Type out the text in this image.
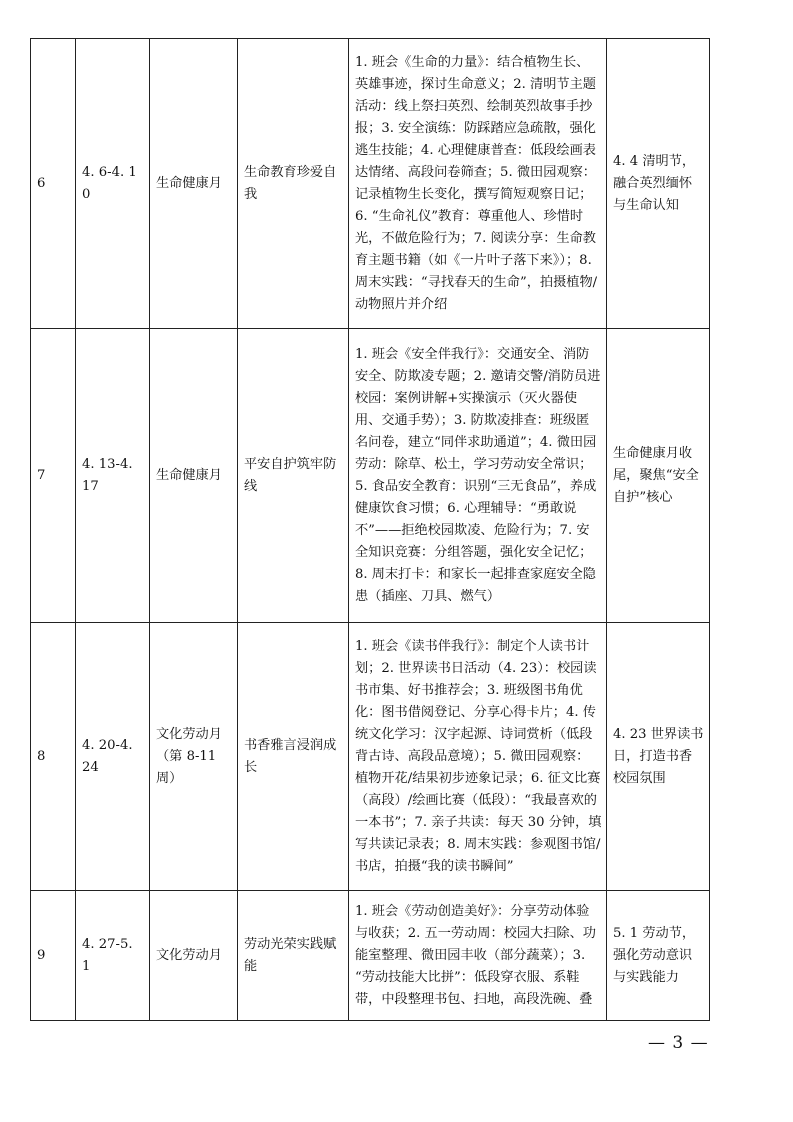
6	4. 6-4. 10	生命健康月	生命教育珍爱自我	1. 班会《生命的力量》：结合植物生长、英雄事迹，探讨生命意义；2. 清明节主题活动：线上祭扫英烈、绘制英烈故事手抄报；3. 安全演练：防踩踏应急疏散，强化逃生技能；4. 心理健康普查：低段绘画表达情绪、高段问卷筛查；5. 微田园观察：记录植物生长变化，撰写简短观察日记；6. “生命礼仪”教育：尊重他人、珍惜时光，不做危险行为；7. 阅读分享：生命教育主题书籍（如《一片叶子落下来》）；8. 周末实践：“寻找春天的生命”，拍摄植物/动物照片并介绍	4. 4 清明节，融合英烈缅怀与生命认知
7	4. 13-4. 17	生命健康月	平安自护筑牢防线	1. 班会《安全伴我行》：交通安全、消防安全、防欺凌专题；2. 邀请交警/消防员进校园：案例讲解+实操演示（灭火器使用、交通手势）；3. 防欺凌排查：班级匿名问卷，建立“同伴求助通道”；4. 微田园劳动：除草、松土，学习劳动安全常识；5. 食品安全教育：识别“三无食品”，养成健康饮食习惯；6. 心理辅导：“勇敢说不”——拒绝校园欺凌、危险行为；7. 安全知识竞赛：分组答题，强化安全记忆；8. 周末打卡：和家长一起排查家庭安全隐患（插座、刀具、燃气）	生命健康月收尾，聚焦“安全自护”核心
8	4. 20-4. 24	文化劳动月（第 8-11 周）	书香雅言浸润成长	1. 班会《读书伴我行》：制定个人读书计划；2. 世界读书日活动（4. 23）：校园读书市集、好书推荐会；3. 班级图书角优化：图书借阅登记、分享心得卡片；4. 传统文化学习：汉字起源、诗词赏析（低段背古诗、高段品意境）；5. 微田园观察：植物开花/结果初步迹象记录；6. 征文比赛（高段）/绘画比赛（低段）：“我最喜欢的一本书”；7. 亲子共读：每天 30 分钟，填写共读记录表；8. 周末实践：参观图书馆/书店，拍摄“我的读书瞬间”	4. 23 世界读书日，打造书香校园氛围
9	4. 27-5. 1	文化劳动月	劳动光荣实践赋能	1. 班会《劳动创造美好》：分享劳动体验与收获；2. 五一劳动周：校园大扫除、功能室整理、微田园丰收（部分蔬菜）；3. “劳动技能大比拼”：低段穿衣服、系鞋带，中段整理书包、扫地，高段洗碗、叠	5. 1 劳动节，强化劳动意识与实践能力
— 3 —
